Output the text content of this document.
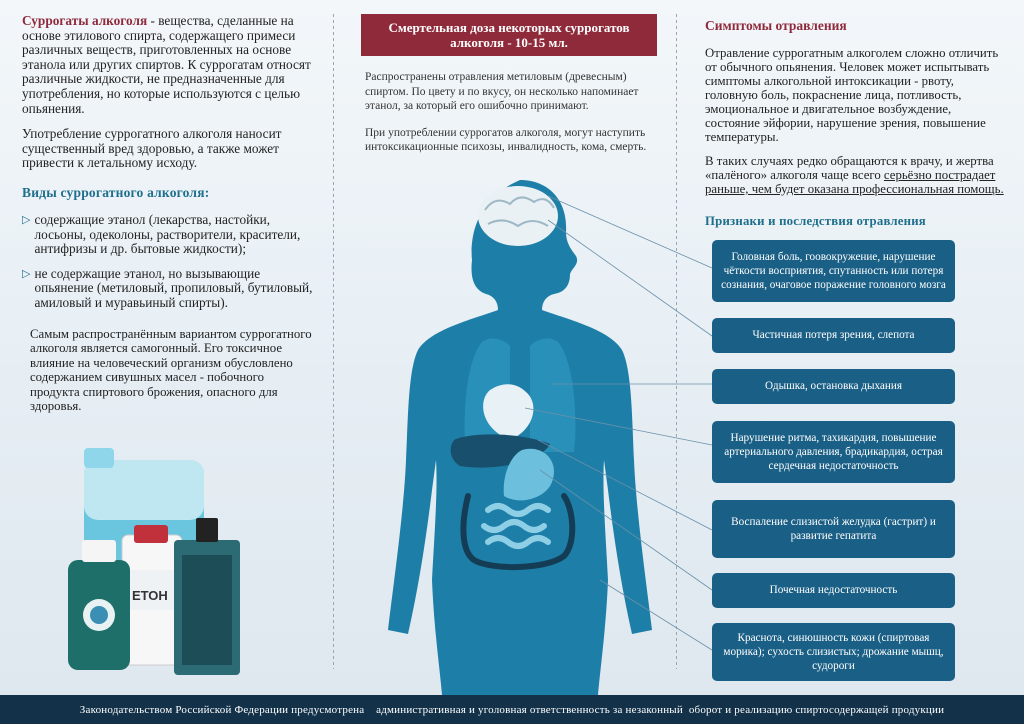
Суррогаты алкоголя - вещества, сделанные на основе этилового спирта, содержащего примеси различных веществ, приготовленных на основе этанола или других спиртов. К суррогатам относят различные жидкости, не предназначенные для употребления, но которые используются с целью опьянения.

Употребление суррогатного алкоголя наносит существенный вред здоровью, а также может привести к летальному исходу.

Виды суррогатного алкоголя:

▷ содержащие этанол (лекарства, настойки, лосьоны, одеколоны, растворители, красители, антифризы и др. бытовые жидкости);
▷ не содержащие этанол, но вызывающие опьянение (метиловый, пропиловый, бутиловый, амиловый и муравьиный спирты).

Самым распространённым вариантом суррогатного алкоголя является самогонный. Его токсичное влияние на человеческий организм обусловлено содержанием сивушных масел - побочного продукта спиртового брожения, опасного для здоровья.

ЕТОН
Смертельная доза некоторых суррогатов алкоголя - 10-15 мл.

Распространены отравления метиловым (древесным) спиртом. По цвету и по вкусу, он несколько напоминает этанол, за который его ошибочно принимают.

При употреблении суррогатов алкоголя, могут наступить интоксикационные психозы, инвалидность, кома, смерть.

Симптомы отравления

Отравление суррогатным алкоголем сложно отличить от обычного опьянения. Человек может испытывать симптомы алкогольной интоксикации - рвоту, головную боль, покраснение лица, потливость, эмоциональное и двигательное возбуждение, состояние эйфории, нарушение зрения, повышение температуры.

В таких случаях редко обращаются к врачу, и жертва «палёного» алкоголя чаще всего серьёзно пострадает раньше, чем будет оказана профессиональная помощь.

Признаки и последствия отравления

Головная боль, гоовокружение, нарушение чёткости восприятия, спутанность или потеря сознания, очаговое поражение головного мозга
Частичная потеря зрения, слепота
Одышка, остановка дыхания
Нарушение ритма, тахикардия, повышение артериального давления, брадикардия, острая сердечная недостаточность
Воспаление слизистой желудка (гастрит) и развитие гепатита
Почечная недостаточность
Краснота, синюшность кожи (спиртовая морика); сухость слизистых; дрожание мышц, судороги
Законодательством Российской Федерации предусмотрена    административная и уголовная ответственность за незаконный  оборот и реализацию спиртосодержащей продукции
